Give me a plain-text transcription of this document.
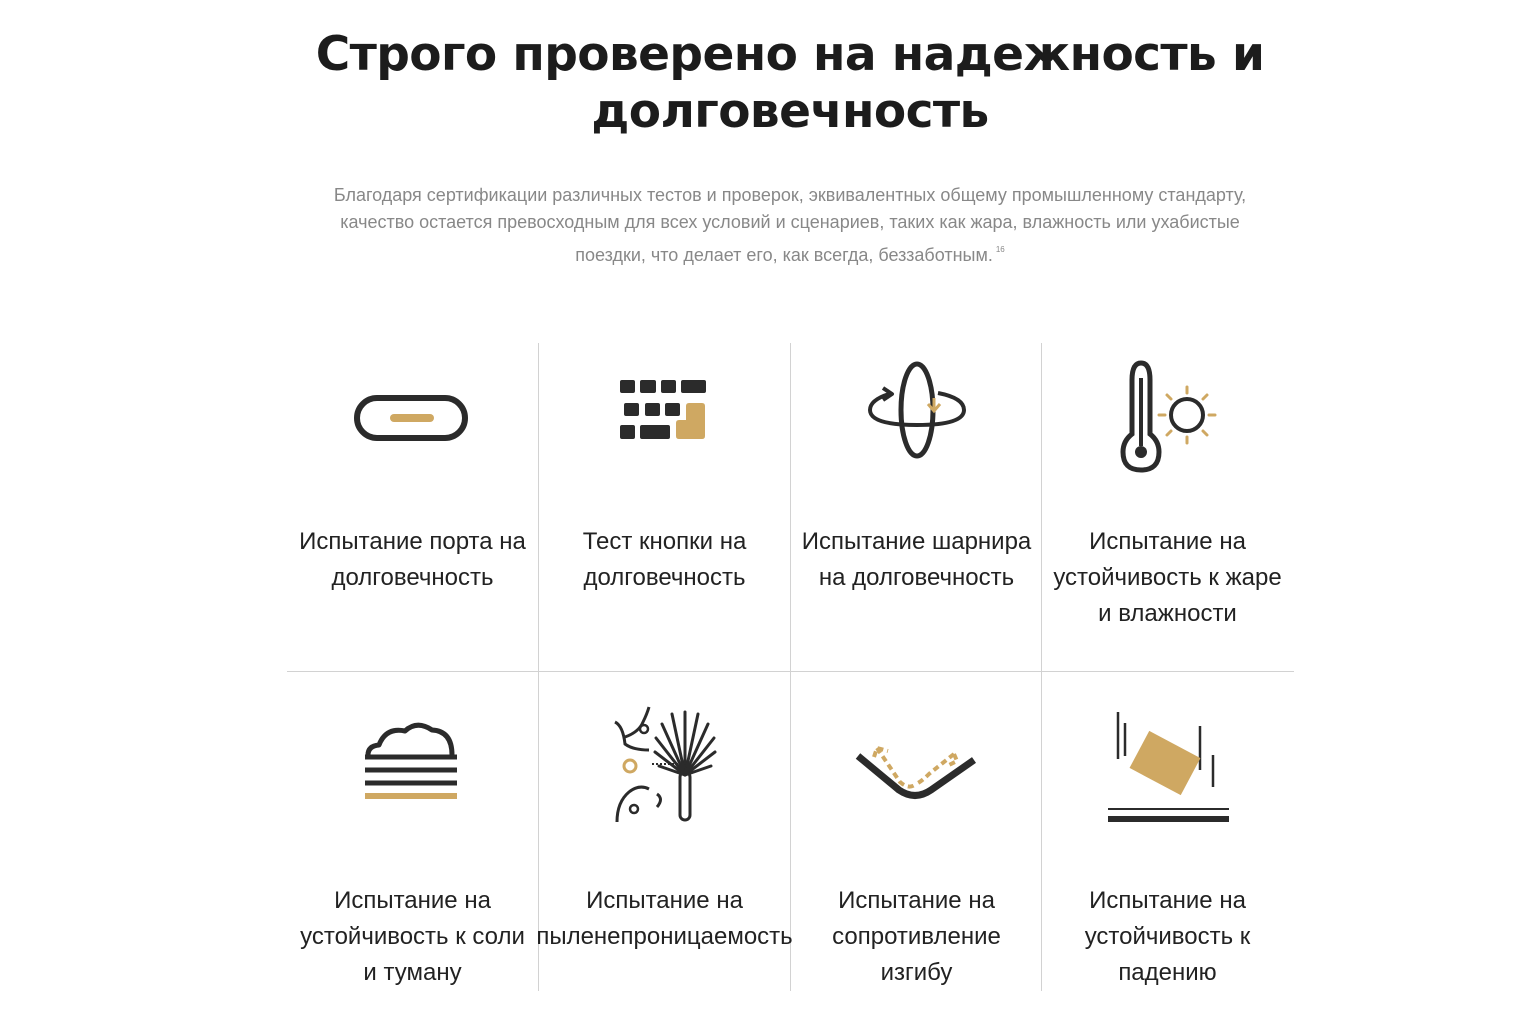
Строго проверено на надежность и
долговечность
Благодаря сертификации различных тестов и проверок, эквивалентных общему промышленному стандарту,
качество остается превосходным для всех условий и сценариев, таких как жара, влажность или ухабистые
поездки, что делает его, как всегда, беззаботным. $^{16}$
Испытание порта на
долговечность
Тест кнопки на
долговечность
Испытание шарнира
на долговечность
Испытание на
устойчивость к жаре
и влажности
Испытание на
устойчивость к соли
и туману
Испытание на
пыленепроницаемость
Испытание на
сопротивление
изгибу
Испытание на
устойчивость к
падению
